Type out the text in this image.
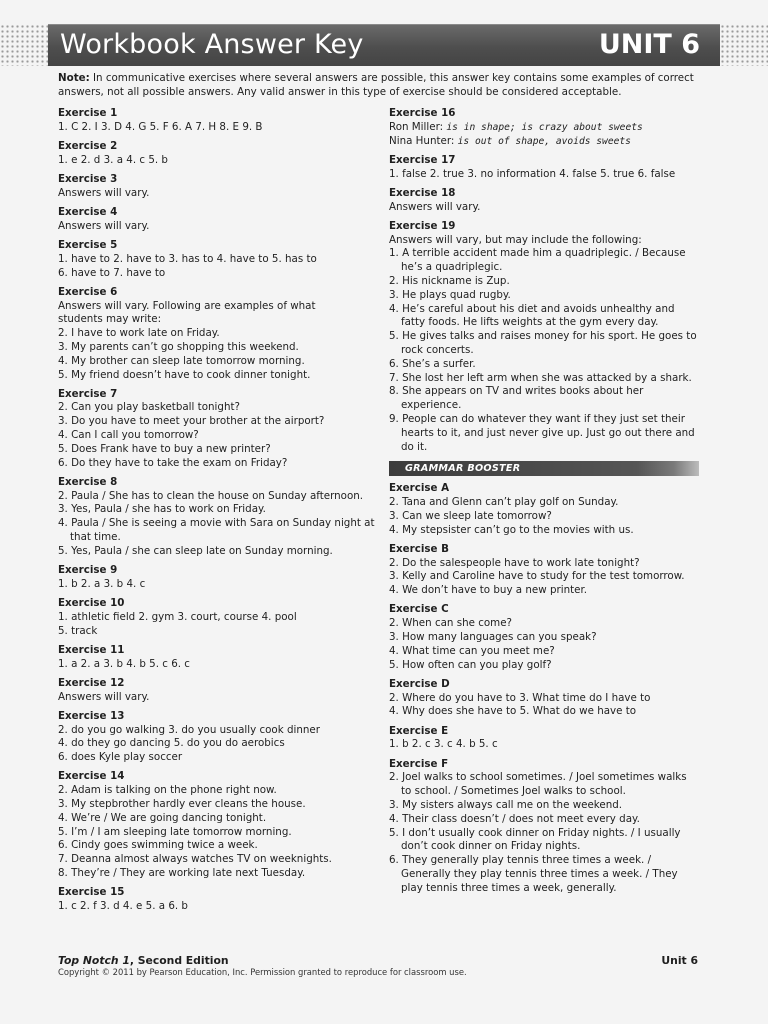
Workbook Answer Key	UNIT 6
Note: In communicative exercises where several answers are possible, this answer key contains some examples of correct answers, not all possible answers. Any valid answer in this type of exercise should be considered acceptable.
Exercise 1
1. C 2. I 3. D 4. G 5. F 6. A 7. H 8. E 9. B
Exercise 2
1. e 2. d 3. a 4. c 5. b
Exercise 3
Answers will vary.
Exercise 4
Answers will vary.
Exercise 5
1. have to 2. have to 3. has to 4. have to 5. has to
6. have to 7. have to
Exercise 6
Answers will vary. Following are examples of what
students may write:
2. I have to work late on Friday.
3. My parents can’t go shopping this weekend.
4. My brother can sleep late tomorrow morning.
5. My friend doesn’t have to cook dinner tonight.
Exercise 7
2. Can you play basketball tonight?
3. Do you have to meet your brother at the airport?
4. Can I call you tomorrow?
5. Does Frank have to buy a new printer?
6. Do they have to take the exam on Friday?
Exercise 8
2. Paula / She has to clean the house on Sunday afternoon.
3. Yes, Paula / she has to work on Friday.
4. Paula / She is seeing a movie with Sara on Sunday night at that time.
5. Yes, Paula / she can sleep late on Sunday morning.
Exercise 9
1. b 2. a 3. b 4. c
Exercise 10
1. athletic field 2. gym 3. court, course 4. pool
5. track
Exercise 11
1. a 2. a 3. b 4. b 5. c 6. c
Exercise 12
Answers will vary.
Exercise 13
2. do you go walking 3. do you usually cook dinner
4. do they go dancing 5. do you do aerobics
6. does Kyle play soccer
Exercise 14
2. Adam is talking on the phone right now.
3. My stepbrother hardly ever cleans the house.
4. We’re / We are going dancing tonight.
5. I’m / I am sleeping late tomorrow morning.
6. Cindy goes swimming twice a week.
7. Deanna almost always watches TV on weeknights.
8. They’re / They are working late next Tuesday.
Exercise 15
1. c 2. f 3. d 4. e 5. a 6. b
Exercise 16
Ron Miller: is in shape; is crazy about sweets
Nina Hunter: is out of shape, avoids sweets
Exercise 17
1. false 2. true 3. no information 4. false 5. true 6. false
Exercise 18
Answers will vary.
Exercise 19
Answers will vary, but may include the following:
1. A terrible accident made him a quadriplegic. / Because he’s a quadriplegic.
2. His nickname is Zup.
3. He plays quad rugby.
4. He’s careful about his diet and avoids unhealthy and fatty foods. He lifts weights at the gym every day.
5. He gives talks and raises money for his sport. He goes to rock concerts.
6. She’s a surfer.
7. She lost her left arm when she was attacked by a shark.
8. She appears on TV and writes books about her experience.
9. People can do whatever they want if they just set their hearts to it, and just never give up. Just go out there and do it.
GRAMMAR BOOSTER
Exercise A
2. Tana and Glenn can’t play golf on Sunday.
3. Can we sleep late tomorrow?
4. My stepsister can’t go to the movies with us.
Exercise B
2. Do the salespeople have to work late tonight?
3. Kelly and Caroline have to study for the test tomorrow.
4. We don’t have to buy a new printer.
Exercise C
2. When can she come?
3. How many languages can you speak?
4. What time can you meet me?
5. How often can you play golf?
Exercise D
2. Where do you have to 3. What time do I have to
4. Why does she have to 5. What do we have to
Exercise E
1. b 2. c 3. c 4. b 5. c
Exercise F
2. Joel walks to school sometimes. / Joel sometimes walks to school. / Sometimes Joel walks to school.
3. My sisters always call me on the weekend.
4. Their class doesn’t / does not meet every day.
5. I don’t usually cook dinner on Friday nights. / I usually don’t cook dinner on Friday nights.
6. They generally play tennis three times a week. / Generally they play tennis three times a week. / They play tennis three times a week, generally.
Top Notch 1, Second Edition	Unit 6
Copyright © 2011 by Pearson Education, Inc. Permission granted to reproduce for classroom use.
